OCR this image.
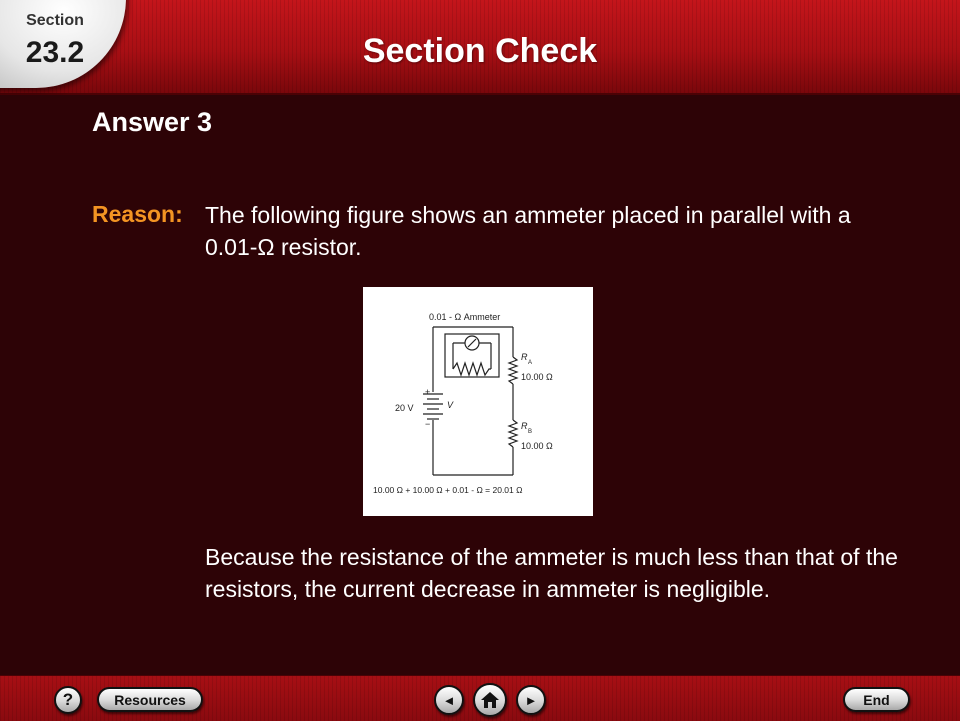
Section
23.2	Section Check
Answer 3
Reason: The following figure shows an ammeter placed in parallel with a 0.01-Ω resistor.
0.01 - Ω Ammeter
R
A
10.00 Ω
R
B
10.00 Ω
20 V	V
+
−
10.00 Ω + 10.00 Ω + 0.01 - Ω = 20.01 Ω
Because the resistance of the ammeter is much less than that of the resistors, the current decrease in ammeter is negligible.
?	Resources	◄	►	End
